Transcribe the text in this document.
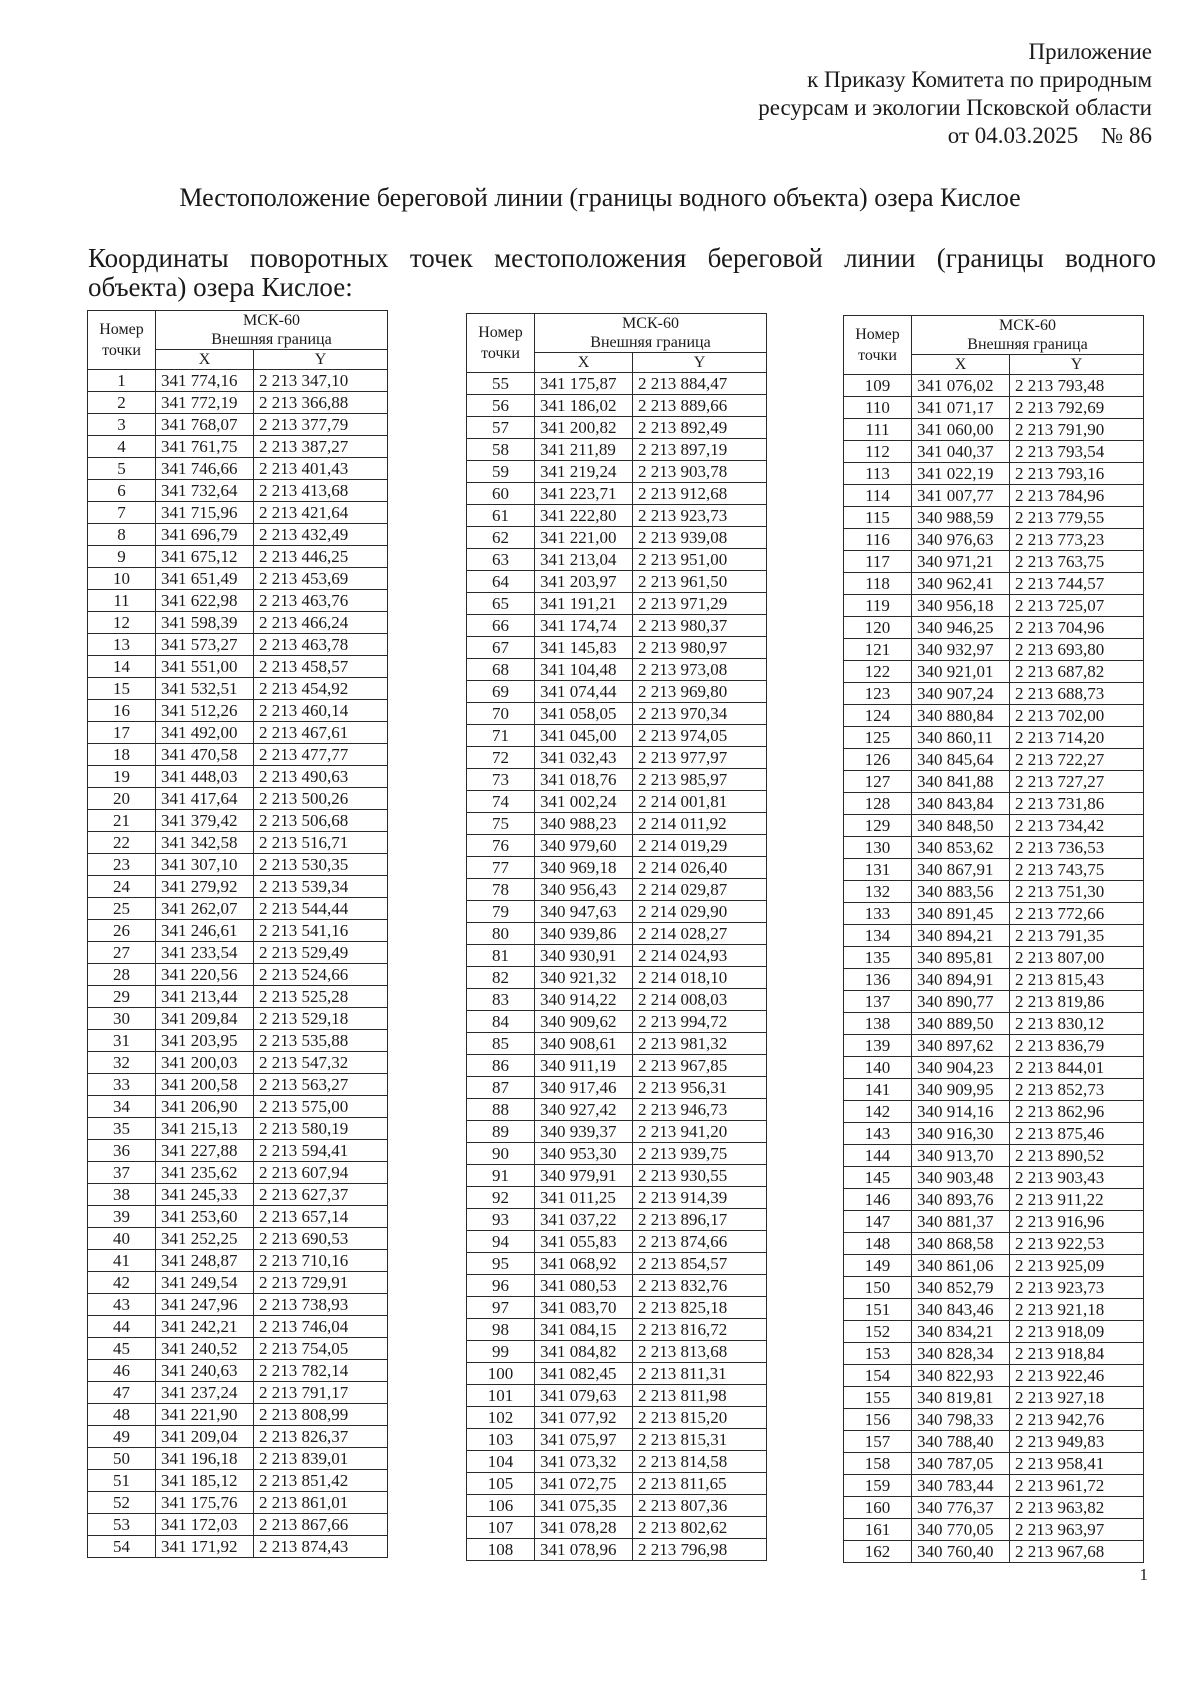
Приложение
к Приказу Комитета по природным
ресурсам и экологии Псковской области
от 04.03.2025    № 86
Местоположение береговой линии (границы водного объекта) озера Кислое
Координаты поворотных точек местоположения береговой линии (границы водного объекта) озера Кислое:
Номер точки	МСК-60	
	Внешняя граница	
	X	Y
1	341 774,16	2 213 347,10
2	341 772,19	2 213 366,88
3	341 768,07	2 213 377,79
4	341 761,75	2 213 387,27
5	341 746,66	2 213 401,43
6	341 732,64	2 213 413,68
7	341 715,96	2 213 421,64
8	341 696,79	2 213 432,49
9	341 675,12	2 213 446,25
10	341 651,49	2 213 453,69
11	341 622,98	2 213 463,76
12	341 598,39	2 213 466,24
13	341 573,27	2 213 463,78
14	341 551,00	2 213 458,57
15	341 532,51	2 213 454,92
16	341 512,26	2 213 460,14
17	341 492,00	2 213 467,61
18	341 470,58	2 213 477,77
19	341 448,03	2 213 490,63
20	341 417,64	2 213 500,26
21	341 379,42	2 213 506,68
22	341 342,58	2 213 516,71
23	341 307,10	2 213 530,35
24	341 279,92	2 213 539,34
25	341 262,07	2 213 544,44
26	341 246,61	2 213 541,16
27	341 233,54	2 213 529,49
28	341 220,56	2 213 524,66
29	341 213,44	2 213 525,28
30	341 209,84	2 213 529,18
31	341 203,95	2 213 535,88
32	341 200,03	2 213 547,32
33	341 200,58	2 213 563,27
34	341 206,90	2 213 575,00
35	341 215,13	2 213 580,19
36	341 227,88	2 213 594,41
37	341 235,62	2 213 607,94
38	341 245,33	2 213 627,37
39	341 253,60	2 213 657,14
40	341 252,25	2 213 690,53
41	341 248,87	2 213 710,16
42	341 249,54	2 213 729,91
43	341 247,96	2 213 738,93
44	341 242,21	2 213 746,04
45	341 240,52	2 213 754,05
46	341 240,63	2 213 782,14
47	341 237,24	2 213 791,17
48	341 221,90	2 213 808,99
49	341 209,04	2 213 826,37
50	341 196,18	2 213 839,01
51	341 185,12	2 213 851,42
52	341 175,76	2 213 861,01
53	341 172,03	2 213 867,66
54	341 171,92	2 213 874,43
Номер точки	МСК-60	
	Внешняя граница	
	X	Y
55	341 175,87	2 213 884,47
56	341 186,02	2 213 889,66
57	341 200,82	2 213 892,49
58	341 211,89	2 213 897,19
59	341 219,24	2 213 903,78
60	341 223,71	2 213 912,68
61	341 222,80	2 213 923,73
62	341 221,00	2 213 939,08
63	341 213,04	2 213 951,00
64	341 203,97	2 213 961,50
65	341 191,21	2 213 971,29
66	341 174,74	2 213 980,37
67	341 145,83	2 213 980,97
68	341 104,48	2 213 973,08
69	341 074,44	2 213 969,80
70	341 058,05	2 213 970,34
71	341 045,00	2 213 974,05
72	341 032,43	2 213 977,97
73	341 018,76	2 213 985,97
74	341 002,24	2 214 001,81
75	340 988,23	2 214 011,92
76	340 979,60	2 214 019,29
77	340 969,18	2 214 026,40
78	340 956,43	2 214 029,87
79	340 947,63	2 214 029,90
80	340 939,86	2 214 028,27
81	340 930,91	2 214 024,93
82	340 921,32	2 214 018,10
83	340 914,22	2 214 008,03
84	340 909,62	2 213 994,72
85	340 908,61	2 213 981,32
86	340 911,19	2 213 967,85
87	340 917,46	2 213 956,31
88	340 927,42	2 213 946,73
89	340 939,37	2 213 941,20
90	340 953,30	2 213 939,75
91	340 979,91	2 213 930,55
92	341 011,25	2 213 914,39
93	341 037,22	2 213 896,17
94	341 055,83	2 213 874,66
95	341 068,92	2 213 854,57
96	341 080,53	2 213 832,76
97	341 083,70	2 213 825,18
98	341 084,15	2 213 816,72
99	341 084,82	2 213 813,68
100	341 082,45	2 213 811,31
101	341 079,63	2 213 811,98
102	341 077,92	2 213 815,20
103	341 075,97	2 213 815,31
104	341 073,32	2 213 814,58
105	341 072,75	2 213 811,65
106	341 075,35	2 213 807,36
107	341 078,28	2 213 802,62
108	341 078,96	2 213 796,98
Номер точки	МСК-60	
	Внешняя граница	
	X	Y
109	341 076,02	2 213 793,48
110	341 071,17	2 213 792,69
111	341 060,00	2 213 791,90
112	341 040,37	2 213 793,54
113	341 022,19	2 213 793,16
114	341 007,77	2 213 784,96
115	340 988,59	2 213 779,55
116	340 976,63	2 213 773,23
117	340 971,21	2 213 763,75
118	340 962,41	2 213 744,57
119	340 956,18	2 213 725,07
120	340 946,25	2 213 704,96
121	340 932,97	2 213 693,80
122	340 921,01	2 213 687,82
123	340 907,24	2 213 688,73
124	340 880,84	2 213 702,00
125	340 860,11	2 213 714,20
126	340 845,64	2 213 722,27
127	340 841,88	2 213 727,27
128	340 843,84	2 213 731,86
129	340 848,50	2 213 734,42
130	340 853,62	2 213 736,53
131	340 867,91	2 213 743,75
132	340 883,56	2 213 751,30
133	340 891,45	2 213 772,66
134	340 894,21	2 213 791,35
135	340 895,81	2 213 807,00
136	340 894,91	2 213 815,43
137	340 890,77	2 213 819,86
138	340 889,50	2 213 830,12
139	340 897,62	2 213 836,79
140	340 904,23	2 213 844,01
141	340 909,95	2 213 852,73
142	340 914,16	2 213 862,96
143	340 916,30	2 213 875,46
144	340 913,70	2 213 890,52
145	340 903,48	2 213 903,43
146	340 893,76	2 213 911,22
147	340 881,37	2 213 916,96
148	340 868,58	2 213 922,53
149	340 861,06	2 213 925,09
150	340 852,79	2 213 923,73
151	340 843,46	2 213 921,18
152	340 834,21	2 213 918,09
153	340 828,34	2 213 918,84
154	340 822,93	2 213 922,46
155	340 819,81	2 213 927,18
156	340 798,33	2 213 942,76
157	340 788,40	2 213 949,83
158	340 787,05	2 213 958,41
159	340 783,44	2 213 961,72
160	340 776,37	2 213 963,82
161	340 770,05	2 213 963,97
162	340 760,40	2 213 967,68
1
